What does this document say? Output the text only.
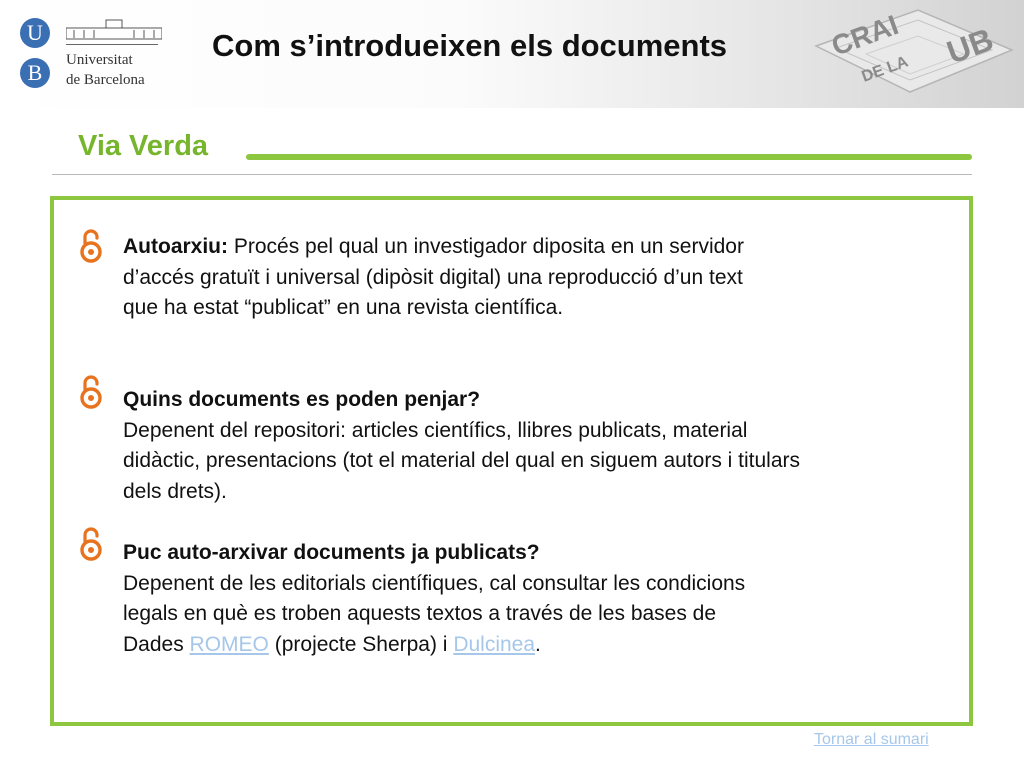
U
B	Universitat
de Barcelona
Com s’introdueixen els documents	CRAI
DE LA UB
Via Verda

Autoarxiu: Procés pel qual un investigador diposita en un servidor
d’accés gratuït i universal (dipòsit digital) una reproducció d’un text
que ha estat “publicat” en una revista científica.

Quins documents es poden penjar?
Depenent del repositori: articles científics, llibres publicats, material
didàctic, presentacions (tot el material del qual en siguem autors i titulars
dels drets).

Puc auto-arxivar documents ja publicats?
Depenent de les editorials científiques, cal consultar les condicions
legals en què es troben aquests textos a través de les bases de
Dades ROMEO (projecte Sherpa) i Dulcinea.

Tornar al sumari
